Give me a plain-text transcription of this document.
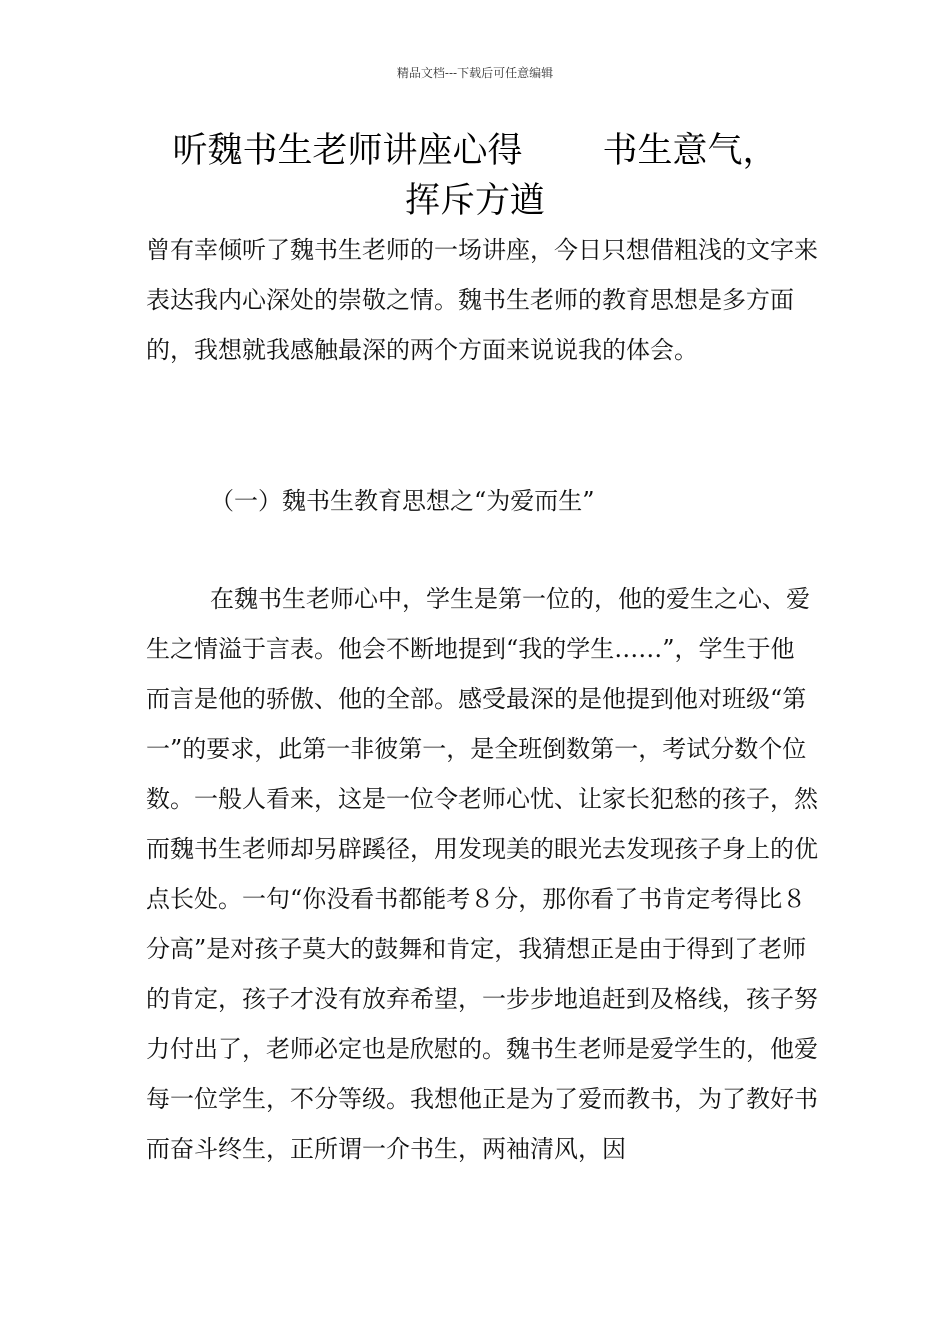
精品文档---下载后可任意编辑
听魏书生老师讲座心得 书生意气，
挥斥方遒
曾有幸倾听了魏书生老师的一场讲座，今日只想借粗浅的文字来表达我内心深处的崇敬之情。魏书生老师的教育思想是多方面的，我想就我感触最深的两个方面来说说我的体会。
（一）魏书生教育思想之“为爱而生”
在魏书生老师心中，学生是第一位的，他的爱生之心、爱生之情溢于言表。他会不断地提到“我的学生……”，学生于他而言是他的骄傲、他的全部。感受最深的是他提到他对班级“第一”的要求，此第一非彼第一，是全班倒数第一，考试分数个位数。一般人看来，这是一位令老师心忧、让家长犯愁的孩子，然而魏书生老师却另辟蹊径，用发现美的眼光去发现孩子身上的优点长处。一句“你没看书都能考８分，那你看了书肯定考得比８分高”是对孩子莫大的鼓舞和肯定，我猜想正是由于得到了老师的肯定，孩子才没有放弃希望，一步步地追赶到及格线，孩子努力付出了，老师必定也是欣慰的。魏书生老师是爱学生的，他爱每一位学生，不分等级。我想他正是为了爱而教书，为了教好书而奋斗终生，正所谓一介书生，两袖清风，因
